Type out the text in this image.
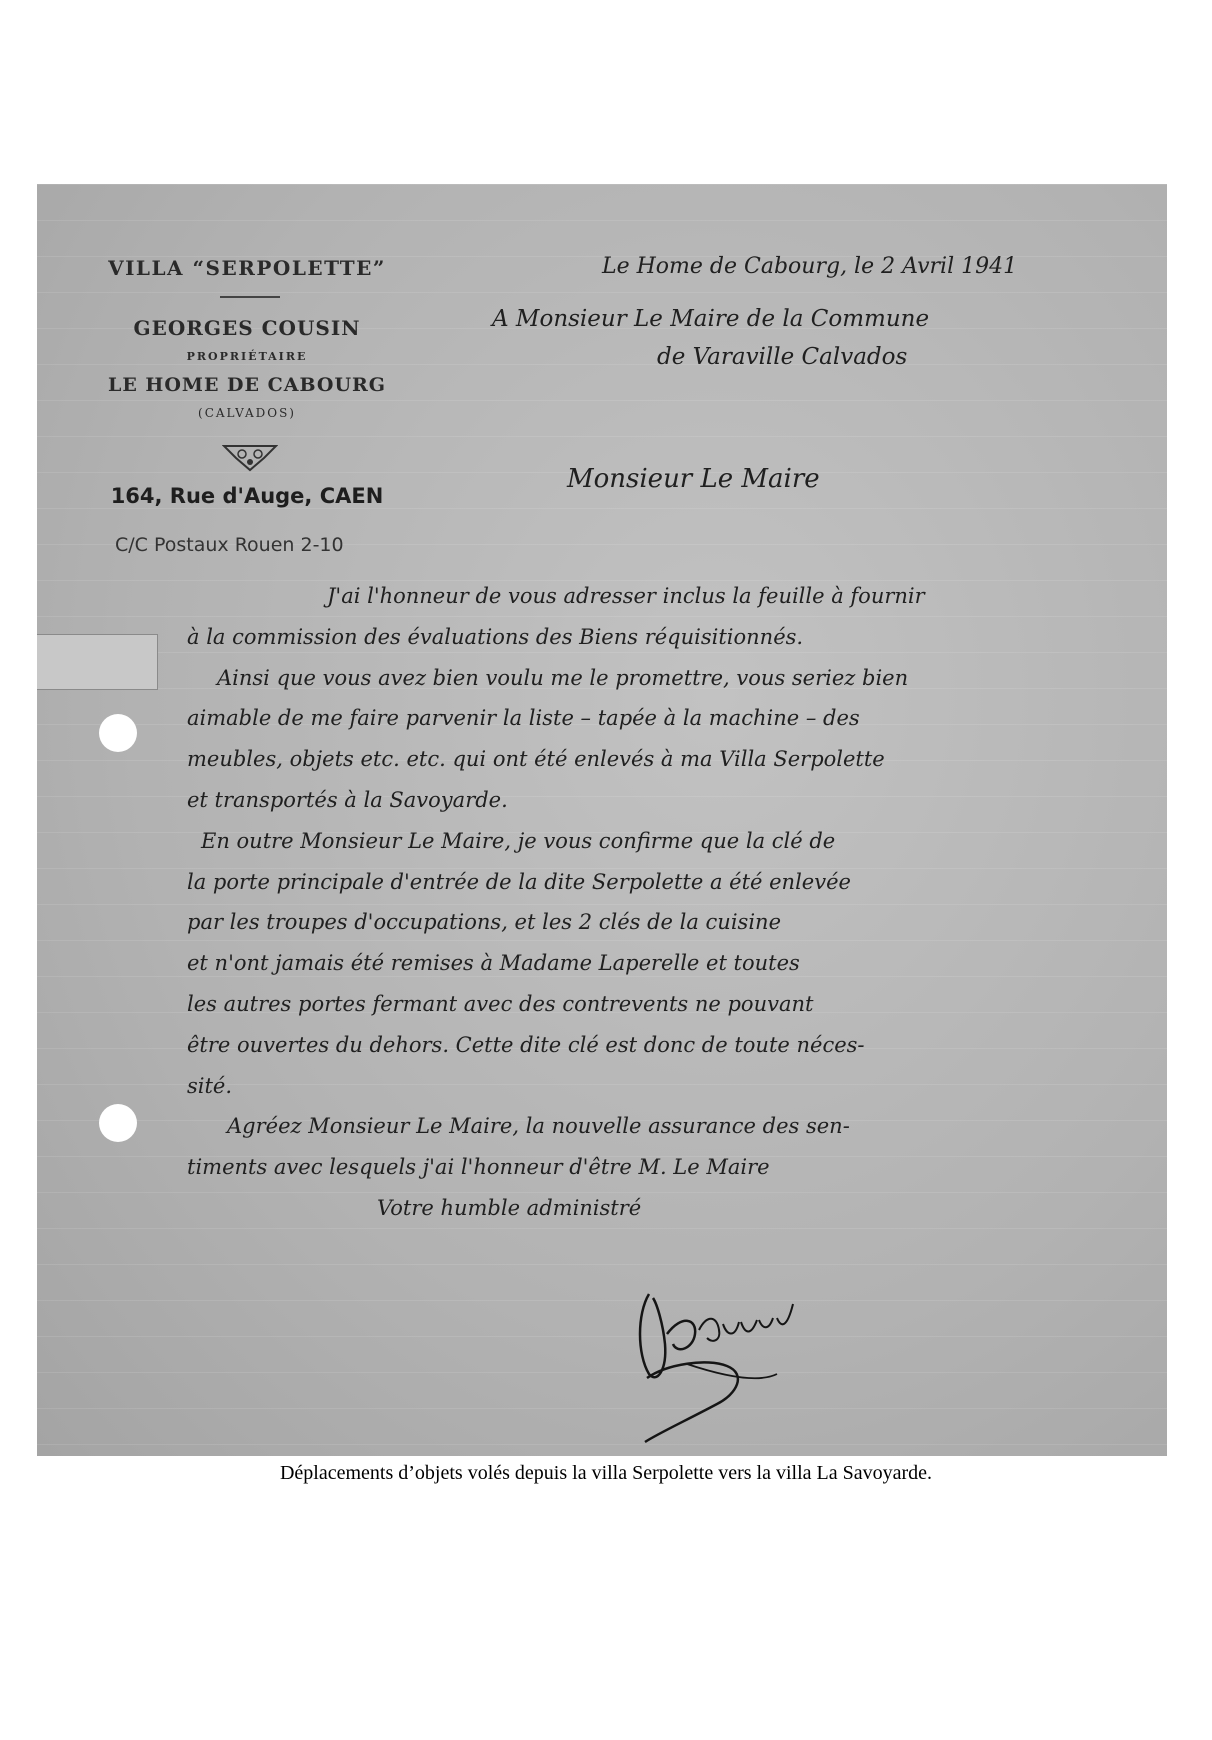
VILLA “SERPOLETTE”
GEORGES COUSIN
PROPRIÉTAIRE
LE HOME DE CABOURG
(CALVADOS)
164, Rue d'Auge, CAEN
C/C Postaux Rouen 2-10
Le Home de Cabourg, le 2 Avril 1941
A Monsieur Le Maire de la Commune
de Varaville Calvados
Monsieur Le Maire
J'ai l'honneur de vous adresser inclus la feuille à fournir
à la commission des évaluations des Biens réquisitionnés.
Ainsi que vous avez bien voulu me le promettre, vous seriez bien
aimable de me faire parvenir la liste – tapée à la machine – des
meubles, objets etc. etc. qui ont été enlevés à ma Villa Serpolette
et transportés à la Savoyarde.
En outre Monsieur Le Maire, je vous confirme que la clé de
la porte principale d'entrée de la dite Serpolette a été enlevée
par les troupes d'occupations, et les 2 clés de la cuisine
et n'ont jamais été remises à Madame Laperelle et toutes
les autres portes fermant avec des contrevents ne pouvant
être ouvertes du dehors. Cette dite clé est donc de toute néces-
sité.
Agréez Monsieur Le Maire, la nouvelle assurance des sen-
timents avec lesquels j'ai l'honneur d'être M. Le Maire
Votre humble administré
Déplacements d’objets volés depuis la villa Serpolette vers la villa La Savoyarde.
